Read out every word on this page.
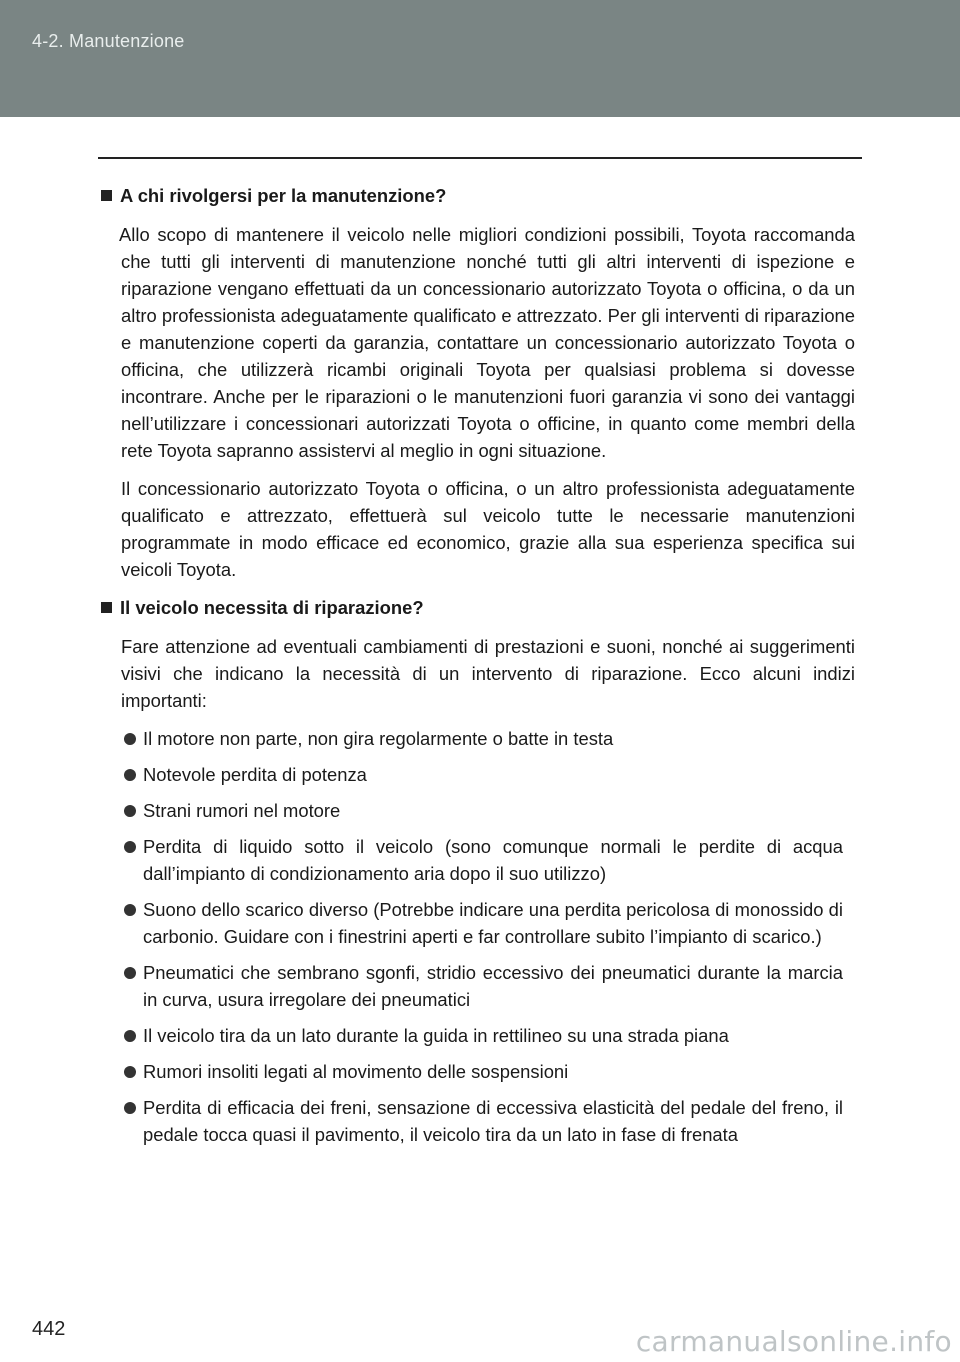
4-2. Manutenzione
A chi rivolgersi per la manutenzione?

Allo scopo di mantenere il veicolo nelle migliori condizioni possibili, Toyota raccomanda che tutti gli interventi di manutenzione nonché tutti gli altri interventi di ispezione e riparazione vengano effettuati da un concessionario autorizzato Toyota o officina, o da un altro professionista adeguatamente qualificato e attrezzato. Per gli interventi di riparazione e manutenzione coperti da garanzia, contattare un concessionario autorizzato Toyota o officina, che utilizzerà ricambi originali Toyota per qualsiasi problema si dovesse incontrare. Anche per le riparazioni o le manutenzioni fuori garanzia vi sono dei vantaggi nell’utilizzare i concessionari autorizzati Toyota o officine, in quanto come membri della rete Toyota sapranno assistervi al meglio in ogni situazione.

Il concessionario autorizzato Toyota o officina, o un altro professionista adeguatamente qualificato e attrezzato, effettuerà sul veicolo tutte le necessarie manutenzioni programmate in modo efficace ed economico, grazie alla sua esperienza specifica sui veicoli Toyota.

Il veicolo necessita di riparazione?

Fare attenzione ad eventuali cambiamenti di prestazioni e suoni, nonché ai suggerimenti visivi che indicano la necessità di un intervento di riparazione. Ecco alcuni indizi importanti:

Il motore non parte, non gira regolarmente o batte in testa
Notevole perdita di potenza
Strani rumori nel motore
Perdita di liquido sotto il veicolo (sono comunque normali le perdite di acqua dall’impianto di condizionamento aria dopo il suo utilizzo)
Suono dello scarico diverso (Potrebbe indicare una perdita pericolosa di monossido di carbonio. Guidare con i finestrini aperti e far controllare subito l’impianto di scarico.)
Pneumatici che sembrano sgonfi, stridio eccessivo dei pneumatici durante la marcia in curva, usura irregolare dei pneumatici
Il veicolo tira da un lato durante la guida in rettilineo su una strada piana
Rumori insoliti legati al movimento delle sospensioni
Perdita di efficacia dei freni, sensazione di eccessiva elasticità del pedale del freno, il pedale tocca quasi il pavimento, il veicolo tira da un lato in fase di frenata
442	carmanualsonline.info
